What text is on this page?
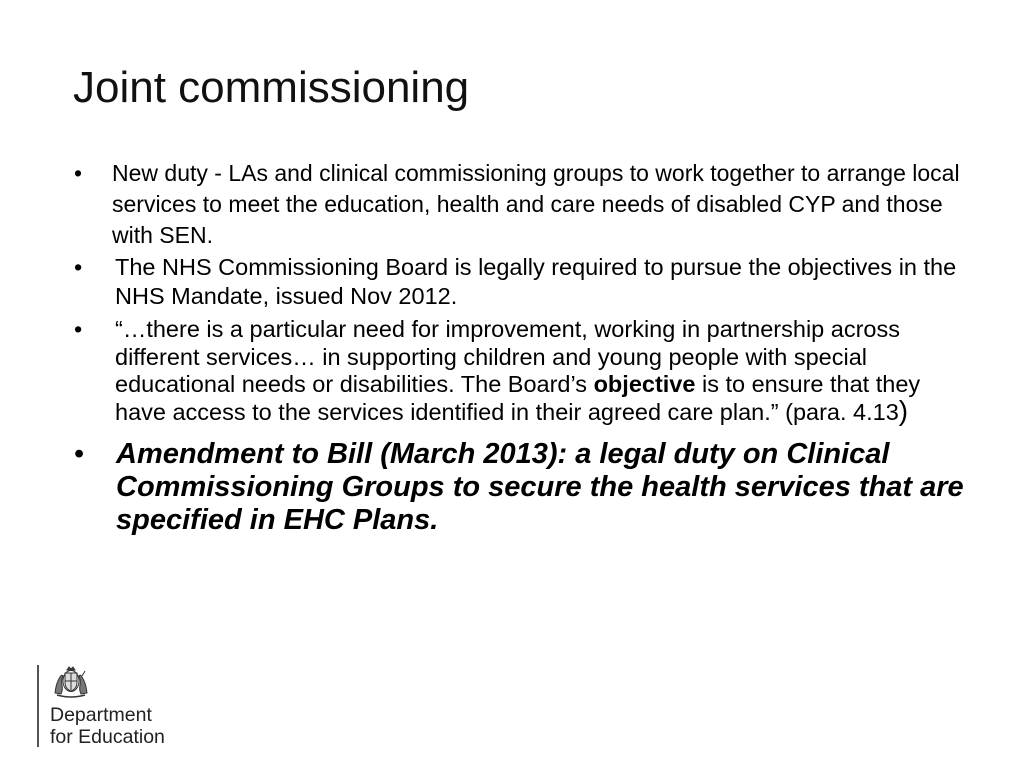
Joint commissioning
•	New duty - LAs and clinical commissioning groups to work together to arrange local services to meet the education, health and care needs of disabled CYP and those with SEN.
•	The NHS Commissioning Board is legally required to pursue the objectives in the NHS Mandate, issued Nov 2012.
•	“…there is a particular need for improvement, working in partnership across different services… in supporting children and young people with special educational needs or disabilities. The Board’s objective is to ensure that they have access to the services identified in their agreed care plan.” (para. 4.13)
•	Amendment to Bill (March 2013): a legal duty on Clinical Commissioning Groups to secure the health services that are specified in EHC Plans.
Department
for Education
